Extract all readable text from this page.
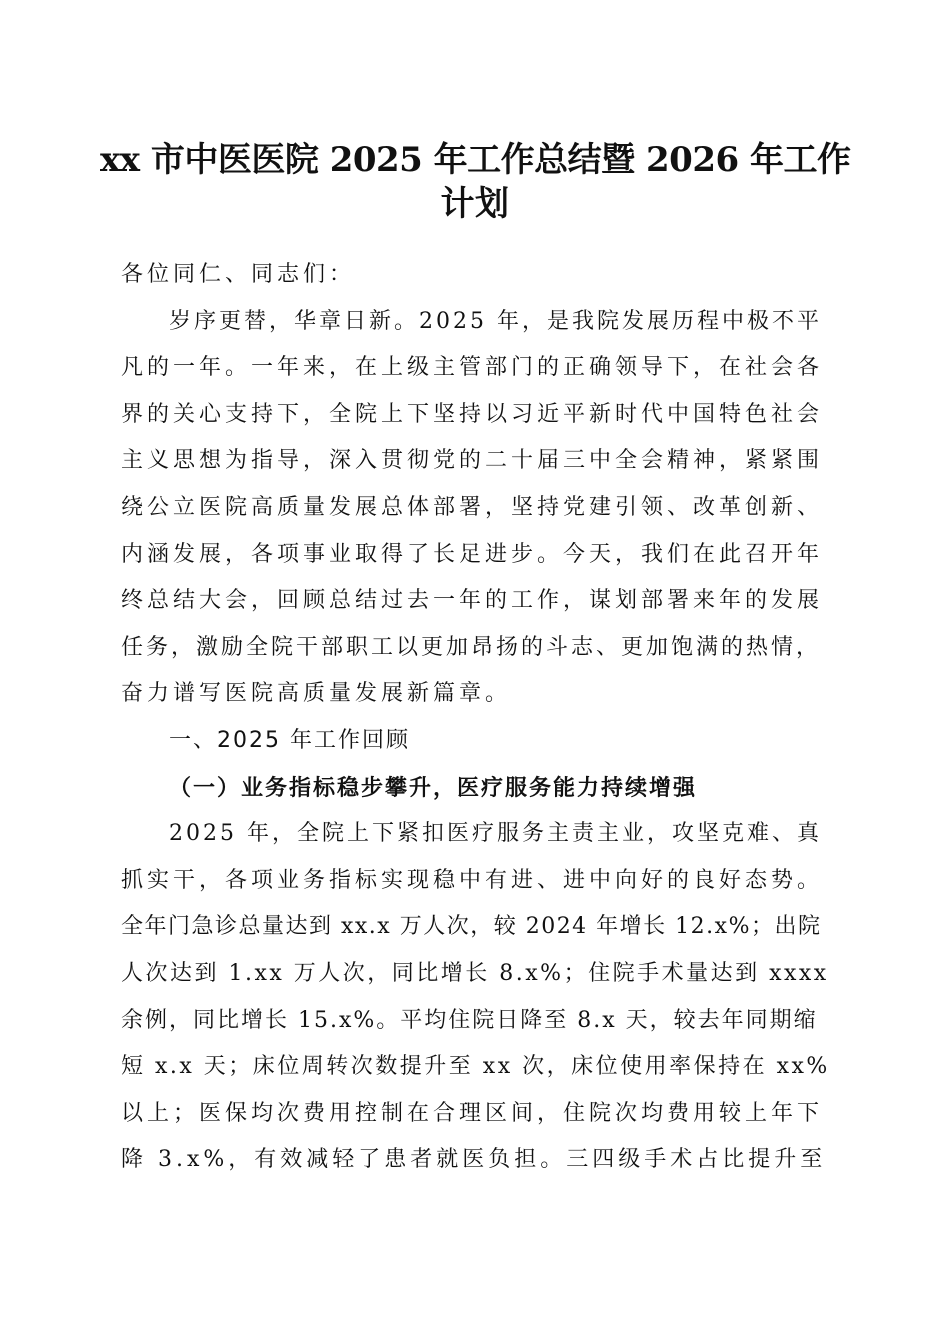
xx 市中医医院 2025 年工作总结暨 2026 年工作
计划
各位同仁、同志们：
岁序更替，华章日新。2025 年，是我院发展历程中极不平
凡的一年。一年来，在上级主管部门的正确领导下，在社会各
界的关心支持下，全院上下坚持以习近平新时代中国特色社会
主义思想为指导，深入贯彻党的二十届三中全会精神，紧紧围
绕公立医院高质量发展总体部署，坚持党建引领、改革创新、
内涵发展，各项事业取得了长足进步。今天，我们在此召开年
终总结大会，回顾总结过去一年的工作，谋划部署来年的发展
任务，激励全院干部职工以更加昂扬的斗志、更加饱满的热情，
奋力谱写医院高质量发展新篇章。
一、2025 年工作回顾
（一）业务指标稳步攀升，医疗服务能力持续增强
2025 年，全院上下紧扣医疗服务主责主业，攻坚克难、真
抓实干，各项业务指标实现稳中有进、进中向好的良好态势。
全年门急诊总量达到 xx.x 万人次，较 2024 年增长 12.x%；出院
人次达到 1.xx 万人次，同比增长 8.x%；住院手术量达到 xxxx
余例，同比增长 15.x%。平均住院日降至 8.x 天，较去年同期缩
短 x.x 天；床位周转次数提升至 xx 次，床位使用率保持在 xx%
以上；医保均次费用控制在合理区间，住院次均费用较上年下
降 3.x%，有效减轻了患者就医负担。三四级手术占比提升至
